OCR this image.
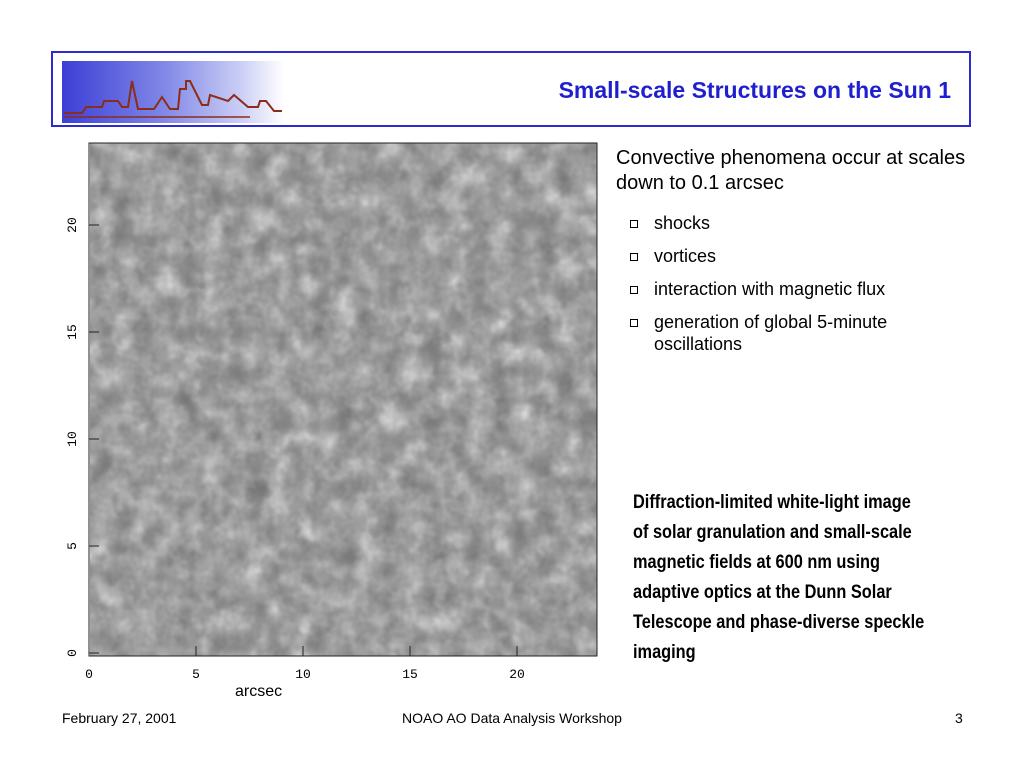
Small-scale Structures on the Sun 1
0	5	10	15	20
0
5
10
15
20
arcsec
Convective phenomena occur at scales down to 0.1 arcsec
shocks
vortices
interaction with magnetic flux
generation of global 5-minute oscillations
Diffraction-limited white-light image of solar granulation and small-scale magnetic fields at 600 nm using adaptive optics at the Dunn Solar Telescope and phase-diverse speckle imaging
February 27, 2001	NOAO AO Data Analysis Workshop	3
